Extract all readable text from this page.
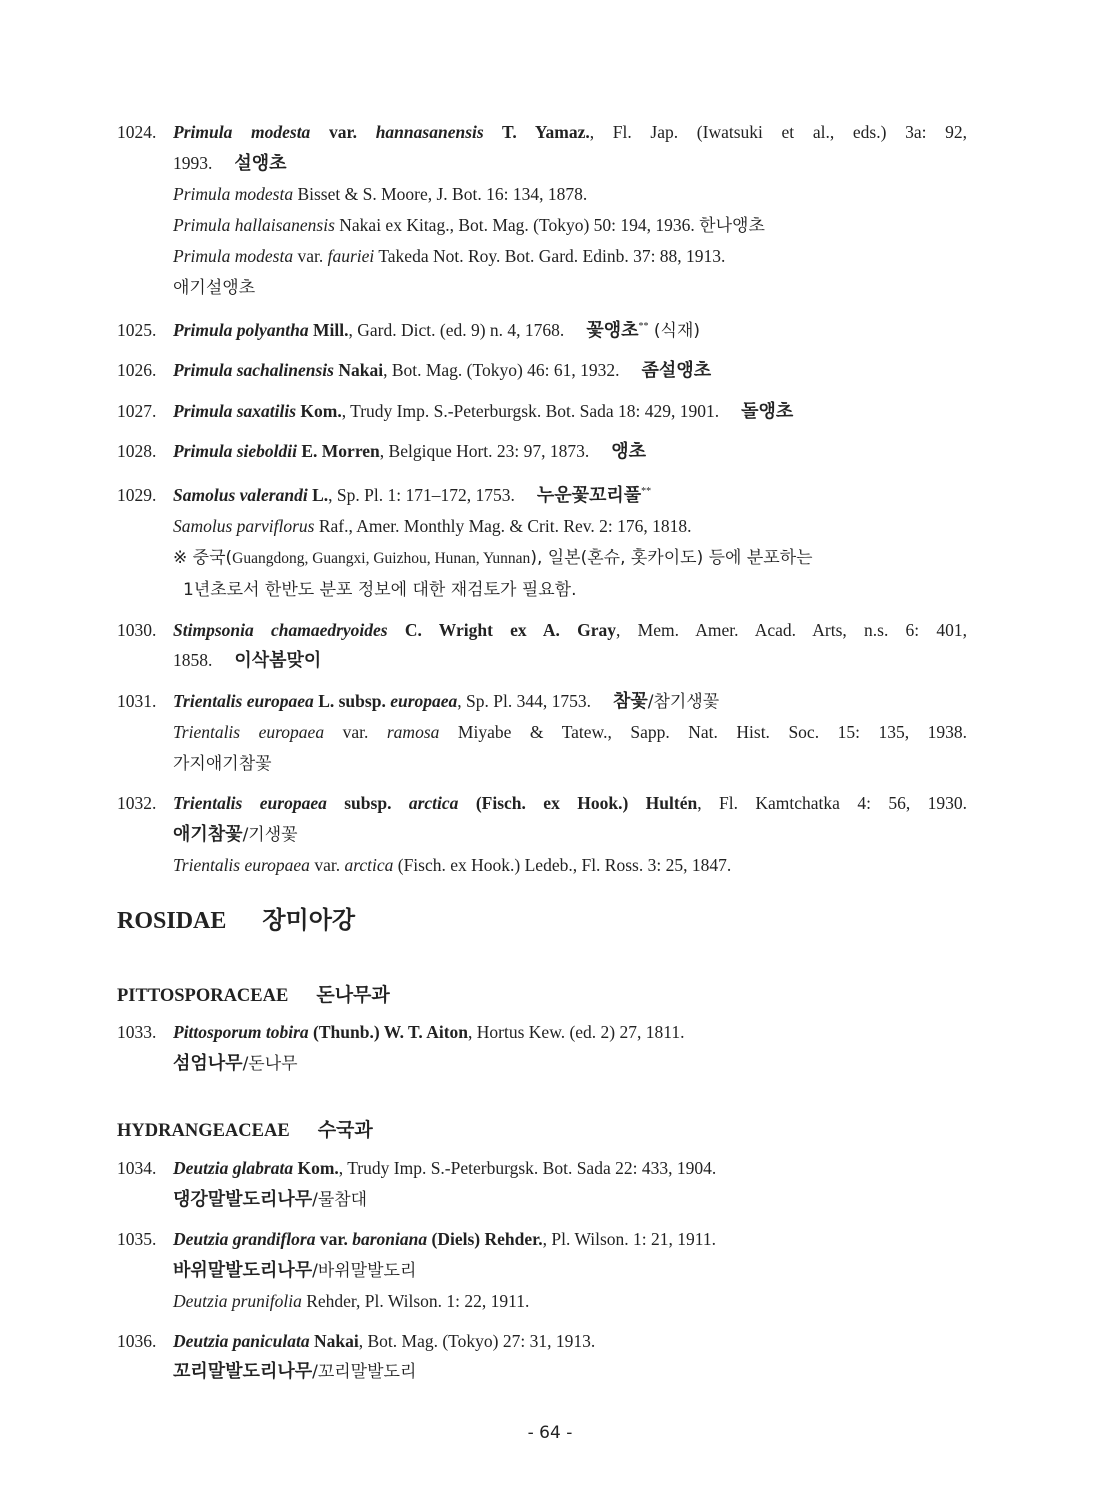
1024. Primula modesta var. hannasanensis T. Yamaz., Fl. Jap. (Iwatsuki et al., eds.) 3a: 92,
1993. 설앵초
Primula modesta Bisset & S. Moore, J. Bot. 16: 134, 1878.
Primula hallaisanensis Nakai ex Kitag., Bot. Mag. (Tokyo) 50: 194, 1936. 한나앵초
Primula modesta var. fauriei Takeda Not. Roy. Bot. Gard. Edinb. 37: 88, 1913.
애기설앵초
1025. Primula polyantha Mill., Gard. Dict. (ed. 9) n. 4, 1768. 꽃앵초** (식재)
1026. Primula sachalinensis Nakai, Bot. Mag. (Tokyo) 46: 61, 1932. 좀설앵초
1027. Primula saxatilis Kom., Trudy Imp. S.-Peterburgsk. Bot. Sada 18: 429, 1901. 돌앵초
1028. Primula sieboldii E. Morren, Belgique Hort. 23: 97, 1873. 앵초
1029. Samolus valerandi L., Sp. Pl. 1: 171–172, 1753. 누운꽃꼬리풀**
Samolus parviflorus Raf., Amer. Monthly Mag. & Crit. Rev. 2: 176, 1818.
※ 중국(Guangdong, Guangxi, Guizhou, Hunan, Yunnan), 일본(혼슈, 홋카이도) 등에 분포하는
1년초로서 한반도 분포 정보에 대한 재검토가 필요함.
1030. Stimpsonia chamaedryoides C. Wright ex A. Gray, Mem. Amer. Acad. Arts, n.s. 6: 401,
1858. 이삭봄맞이
1031. Trientalis europaea L. subsp. europaea, Sp. Pl. 344, 1753. 참꽃/참기생꽃
Trientalis europaea var. ramosa Miyabe & Tatew., Sapp. Nat. Hist. Soc. 15: 135, 1938.
가지애기참꽃
1032. Trientalis europaea subsp. arctica (Fisch. ex Hook.) Hultén, Fl. Kamtchatka 4: 56, 1930.
애기참꽃/기생꽃
Trientalis europaea var. arctica (Fisch. ex Hook.) Ledeb., Fl. Ross. 3: 25, 1847.
ROSIDAE 장미아강
PITTOSPORACEAE 돈나무과
1033. Pittosporum tobira (Thunb.) W. T. Aiton, Hortus Kew. (ed. 2) 27, 1811.
섬엄나무/돈나무
HYDRANGEACEAE 수국과
1034. Deutzia glabrata Kom., Trudy Imp. S.-Peterburgsk. Bot. Sada 22: 433, 1904.
댕강말발도리나무/물참대
1035. Deutzia grandiflora var. baroniana (Diels) Rehder., Pl. Wilson. 1: 21, 1911.
바위말발도리나무/바위말발도리
Deutzia prunifolia Rehder, Pl. Wilson. 1: 22, 1911.
1036. Deutzia paniculata Nakai, Bot. Mag. (Tokyo) 27: 31, 1913.
꼬리말발도리나무/꼬리말발도리
- 64 -
